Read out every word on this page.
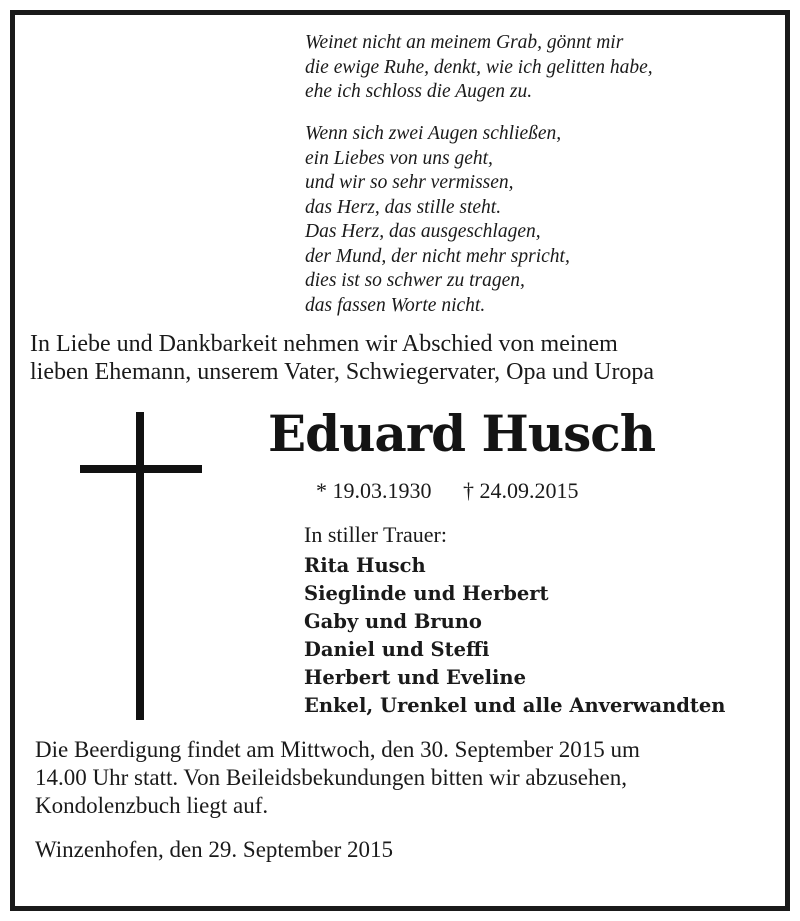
Weinet nicht an meinem Grab, gönnt mir
die ewige Ruhe, denkt, wie ich gelitten habe,
ehe ich schloss die Augen zu.
Wenn sich zwei Augen schließen,
ein Liebes von uns geht,
und wir so sehr vermissen,
das Herz, das stille steht.
Das Herz, das ausgeschlagen,
der Mund, der nicht mehr spricht,
dies ist so schwer zu tragen,
das fassen Worte nicht.
In Liebe und Dankbarkeit nehmen wir Abschied von meinem
lieben Ehemann, unserem Vater, Schwiegervater, Opa und Uropa
Eduard Husch
* 19.03.1930 † 24.09.2015
In stiller Trauer:
Rita Husch
Sieglinde und Herbert
Gaby und Bruno
Daniel und Steffi
Herbert und Eveline
Enkel, Urenkel und alle Anverwandten
Die Beerdigung findet am Mittwoch, den 30. September 2015 um
14.00 Uhr statt. Von Beileidsbekundungen bitten wir abzusehen,
Kondolenzbuch liegt auf.
Winzenhofen, den 29. September 2015
